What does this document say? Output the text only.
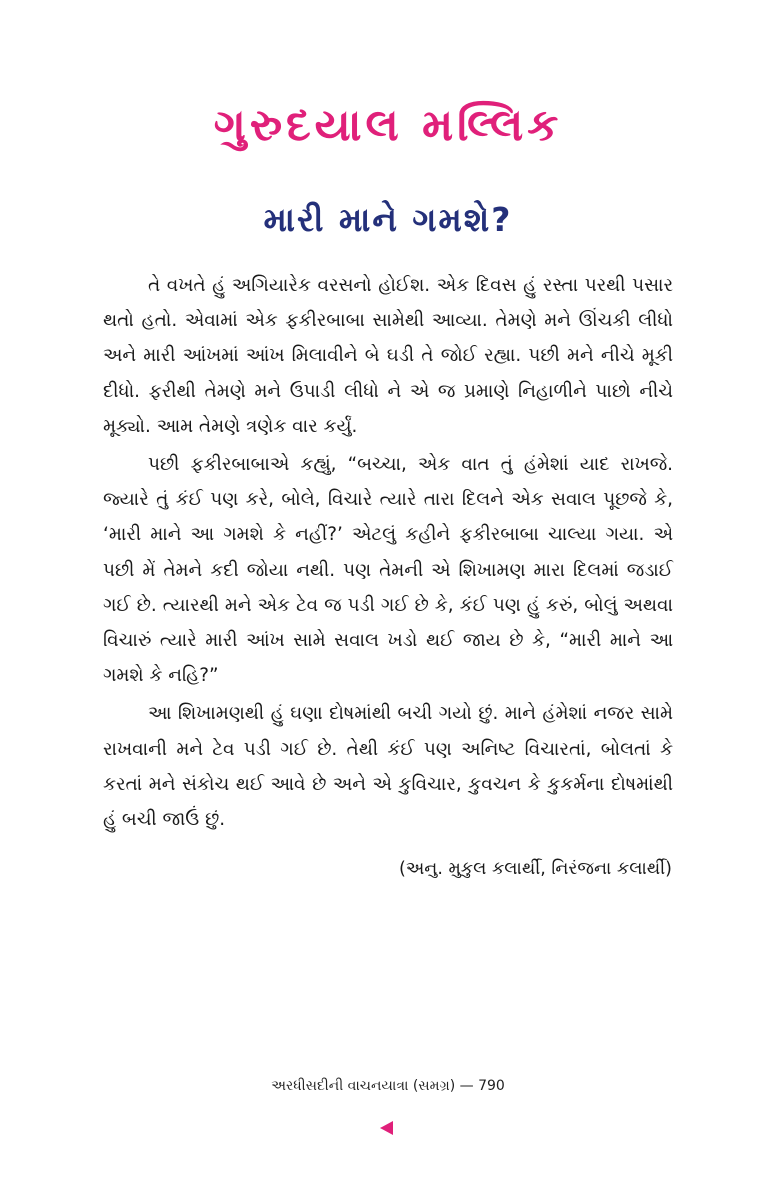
ગુરુદયાલ મલ્લિક
મારી માને ગમશે?

તે વખતે હું અગિયારેક વરસનો હોઈશ. એક દિવસ હું રસ્તા પરથી પસાર થતો હતો. એવામાં એક ફકીરબાબા સામેથી આવ્યા. તેમણે મને ઊંચકી લીધો અને મારી આંખમાં આંખ મિલાવીને બે ઘડી તે જોઈ રહ્યા. પછી મને નીચે મૂકી દીધો. ફરીથી તેમણે મને ઉપાડી લીધો ને એ જ પ્રમાણે નિહાળીને પાછો નીચે મૂક્યો. આમ તેમણે ત્રણેક વાર કર્યું.

પછી ફકીરબાબાએ કહ્યું, “બચ્ચા, એક વાત તું હંમેશાં યાદ રાખજે. જ્યારે તું કંઈ પણ કરે, બોલે, વિચારે ત્યારે તારા દિલને એક સવાલ પૂછજે કે, ‘મારી માને આ ગમશે કે નહીં?’ એટલું કહીને ફકીરબાબા ચાલ્યા ગયા. એ પછી મેં તેમને કદી જોયા નથી. પણ તેમની એ શિખામણ મારા દિલમાં જડાઈ ગઈ છે. ત્યારથી મને એક ટેવ જ પડી ગઈ છે કે, કંઈ પણ હું કરું, બોલું અથવા વિચારું ત્યારે મારી આંખ સામે સવાલ ખડો થઈ જાય છે કે, “મારી માને આ ગમશે કે નહિ?”

આ શિખામણથી હું ઘણા દોષમાંથી બચી ગયો છું. માને હંમેશાં નજર સામે રાખવાની મને ટેવ પડી ગઈ છે. તેથી કંઈ પણ અનિષ્ટ વિચારતાં, બોલતાં કે કરતાં મને સંકોચ થઈ આવે છે અને એ કુવિચાર, કુવચન કે કુકર્મના દોષમાંથી હું બચી જાઉં છું.

(અનુ. મુકુલ કલાર્થી, નિરંજના કલાર્થી)
અરધીસદીની વાચનયાત્રા (સમગ્ર) — 790
